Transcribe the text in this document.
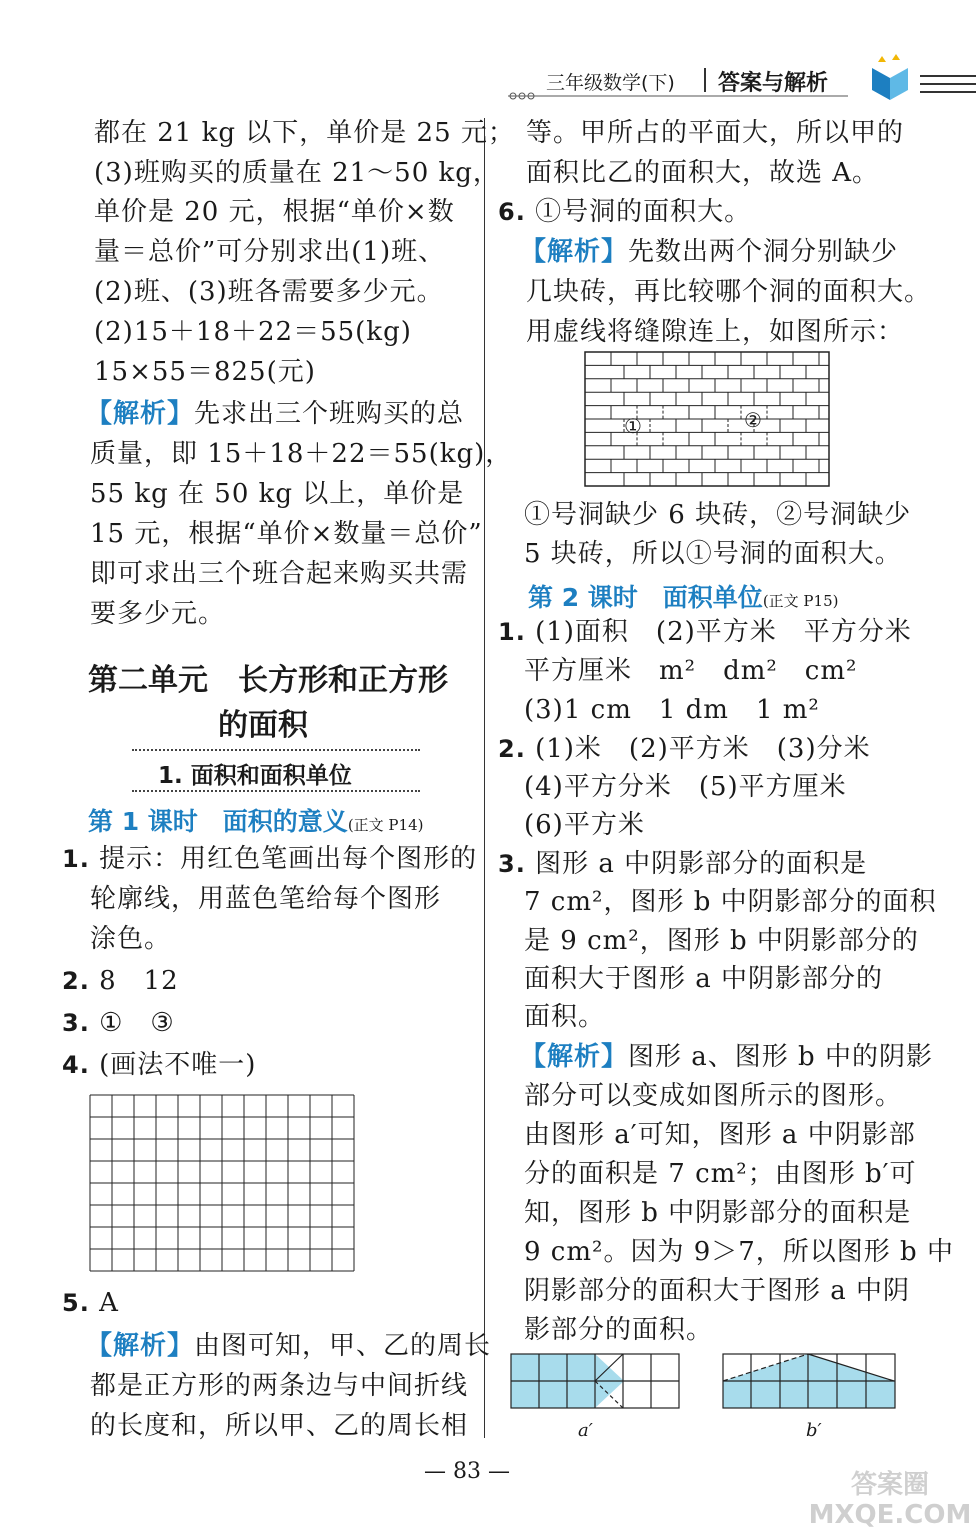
三年级数学(下) 答案与解析
都在 21 kg 以下，单价是 25 元；
(3)班购买的质量在 21～50 kg，
单价是 20 元，根据“单价×数
量＝总价”可分别求出(1)班、
(2)班、(3)班各需要多少元。
(2)15＋18＋22＝55(kg)
15×55＝825(元)
【解析】先求出三个班购买的总
质量，即 15＋18＋22＝55(kg)，
55 kg 在 50 kg 以上，单价是
15 元，根据“单价×数量＝总价”
即可求出三个班合起来购买共需
要多少元。
第二单元　长方形和正方形
的面积
1. 面积和面积单位
第 1 课时　面积的意义(正文 P14)
1. 提示：用红色笔画出每个图形的
轮廓线，用蓝色笔给每个图形
涂色。
2. 8　12
3. ①　③
4. (画法不唯一)
5. A
【解析】由图可知，甲、乙的周长
都是正方形的两条边与中间折线
的长度和，所以甲、乙的周长相
等。甲所占的平面大，所以甲的
面积比乙的面积大，故选 A。
6. ①号洞的面积大。
【解析】先数出两个洞分别缺少
几块砖，再比较哪个洞的面积大。
用虚线将缝隙连上，如图所示：
①	②
①号洞缺少 6 块砖，②号洞缺少
5 块砖，所以①号洞的面积大。
第 2 课时　面积单位(正文 P15)
1. (1)面积　(2)平方米　平方分米
平方厘米　m²　dm²　cm²
(3)1 cm　1 dm　1 m²
2. (1)米　(2)平方米　(3)分米
(4)平方分米　(5)平方厘米
(6)平方米
3. 图形 a 中阴影部分的面积是
7 cm²，图形 b 中阴影部分的面积
是 9 cm²，图形 b 中阴影部分的
面积大于图形 a 中阴影部分的
面积。
【解析】图形 a、图形 b 中的阴影
部分可以变成如图所示的图形。
由图形 a′可知，图形 a 中阴影部
分的面积是 7 cm²；由图形 b′可
知，图形 b 中阴影部分的面积是
9 cm²。因为 9＞7，所以图形 b 中
阴影部分的面积大于图形 a 中阴
影部分的面积。
a′	b′
— 83 —	答案圈 MXQE.COM
